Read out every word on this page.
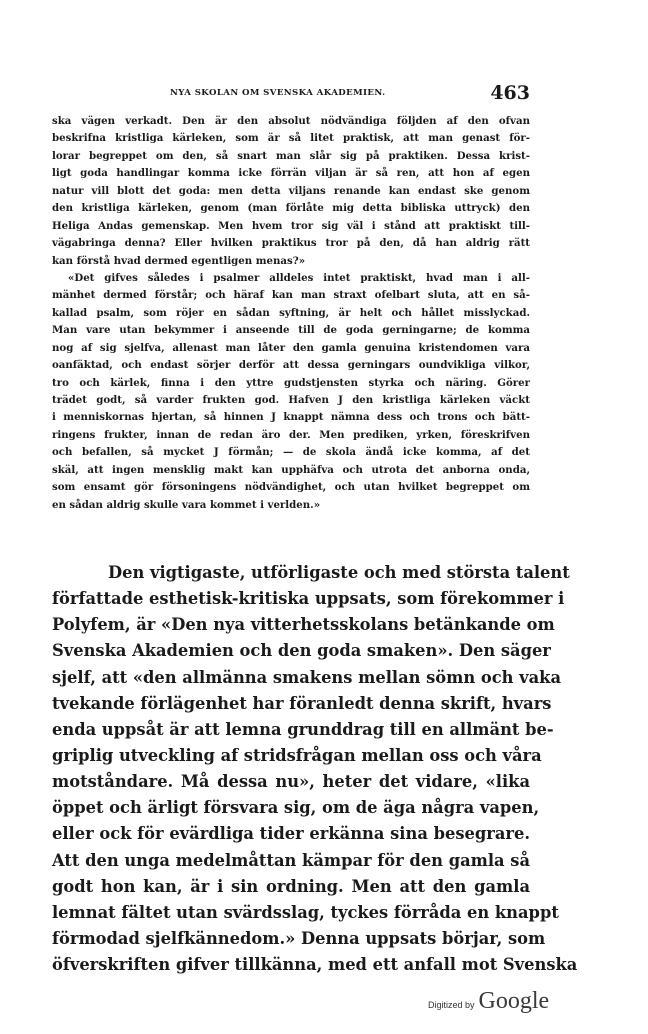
NYA SKOLAN OM SVENSKA AKADEMIEN.	463
ska vägen verkadt. Den är den absolut nödvändiga följden af den ofvan
beskrifna kristliga kärleken, som är så litet praktisk, att man genast för-
lorar begreppet om den, så snart man slår sig på praktiken. Dessa krist-
ligt goda handlingar komma icke förrän viljan är så ren, att hon af egen
natur vill blott det goda: men detta viljans renande kan endast ske genom
den kristliga kärleken, genom (man förlåte mig detta bibliska uttryck) den
Heliga Andas gemenskap. Men hvem tror sig väl i stånd att praktiskt till-
vägabringa denna? Eller hvilken praktikus tror på den, då han aldrig rätt
kan förstå hvad dermed egentligen menas?»
«Det gifves således i psalmer alldeles intet praktiskt, hvad man i all-
mänhet dermed förstår; och häraf kan man straxt ofelbart sluta, att en så-
kallad psalm, som röjer en sådan syftning, är helt och hållet misslyckad.
Man vare utan bekymmer i anseende till de goda gerningarne; de komma
nog af sig sjelfva, allenast man låter den gamla genuina kristendomen vara
oanfäktad, och endast sörjer derför att dessa gerningars oundvikliga vilkor,
tro och kärlek, finna i den yttre gudstjensten styrka och näring. Görer
trädet godt, så varder frukten god. Hafven J den kristliga kärleken väckt
i menniskornas hjertan, så hinnen J knappt nämna dess och trons och bätt-
ringens frukter, innan de redan äro der. Men prediken, yrken, föreskrifven
och befallen, så mycket J förmån; — de skola ändå icke komma, af det
skäl, att ingen mensklig makt kan upphäfva och utrota det anborna onda,
som ensamt gör försoningens nödvändighet, och utan hvilket begreppet om
en sådan aldrig skulle vara kommet i verlden.»
Den vigtigaste, utförligaste och med största talent
författade esthetisk-kritiska uppsats, som förekommer i
Polyfem, är «Den nya vitterhetsskolans betänkande om
Svenska Akademien och den goda smaken». Den säger
sjelf, att «den allmänna smakens mellan sömn och vaka
tvekande förlägenhet har föranledt denna skrift, hvars
enda uppsåt är att lemna grunddrag till en allmänt be-
griplig utveckling af stridsfrågan mellan oss och våra
motståndare. Må dessa nu», heter det vidare, «lika
öppet och ärligt försvara sig, om de äga några vapen,
eller ock för evärdliga tider erkänna sina besegrare.
Att den unga medelmåttan kämpar för den gamla så
godt hon kan, är i sin ordning. Men att den gamla
lemnat fältet utan svärdsslag, tyckes förråda en knappt
förmodad sjelfkännedom.» Denna uppsats börjar, som
öfverskriften gifver tillkänna, med ett anfall mot Svenska
Digitized by Google
